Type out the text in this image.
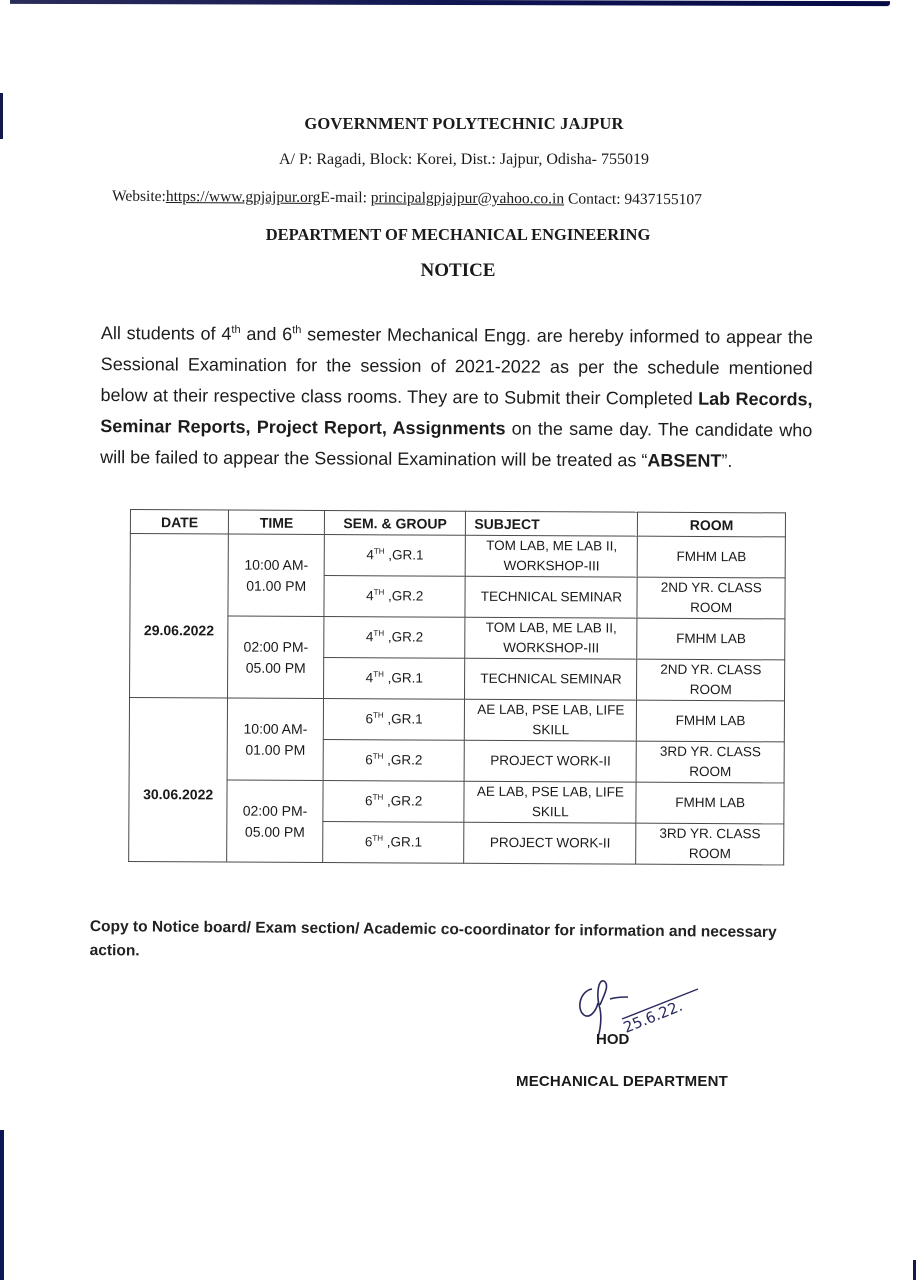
GOVERNMENT POLYTECHNIC JAJPUR
A/ P: Ragadi, Block: Korei, Dist.: Jajpur, Odisha- 755019
Website:https://www.gpjajpur.orgE-mail: principalgpjajpur@yahoo.co.in Contact: 9437155107
DEPARTMENT OF MECHANICAL ENGINEERING
NOTICE
All students of 4th and 6th semester Mechanical Engg. are hereby informed to appear the Sessional Examination for the session of 2021-2022 as per the schedule mentioned below at their respective class rooms. They are to Submit their Completed Lab Records, Seminar Reports, Project Report, Assignments on the same day. The candidate who will be failed to appear the Sessional Examination will be treated as “ABSENT”.
DATE	TIME	SEM. & GROUP	SUBJECT	ROOM
29.06.2022	10:00 AM- 01.00 PM	4TH ,GR.1	TOM LAB, ME LAB II, WORKSHOP-III	FMHM LAB
		4TH ,GR.2	TECHNICAL SEMINAR	2ND YR. CLASS ROOM
	02:00 PM- 05.00 PM	4TH ,GR.2	TOM LAB, ME LAB II, WORKSHOP-III	FMHM LAB
		4TH ,GR.1	TECHNICAL SEMINAR	2ND YR. CLASS ROOM
30.06.2022	10:00 AM- 01.00 PM	6TH ,GR.1	AE LAB, PSE LAB, LIFE SKILL	FMHM LAB
		6TH ,GR.2	PROJECT WORK-II	3RD YR. CLASS ROOM
	02:00 PM- 05.00 PM	6TH ,GR.2	AE LAB, PSE LAB, LIFE SKILL	FMHM LAB
		6TH ,GR.1	PROJECT WORK-II	3RD YR. CLASS ROOM
Copy to Notice board/ Exam section/ Academic co-coordinator for information and necessary action.
25.6.22.
HOD
MECHANICAL DEPARTMENT
